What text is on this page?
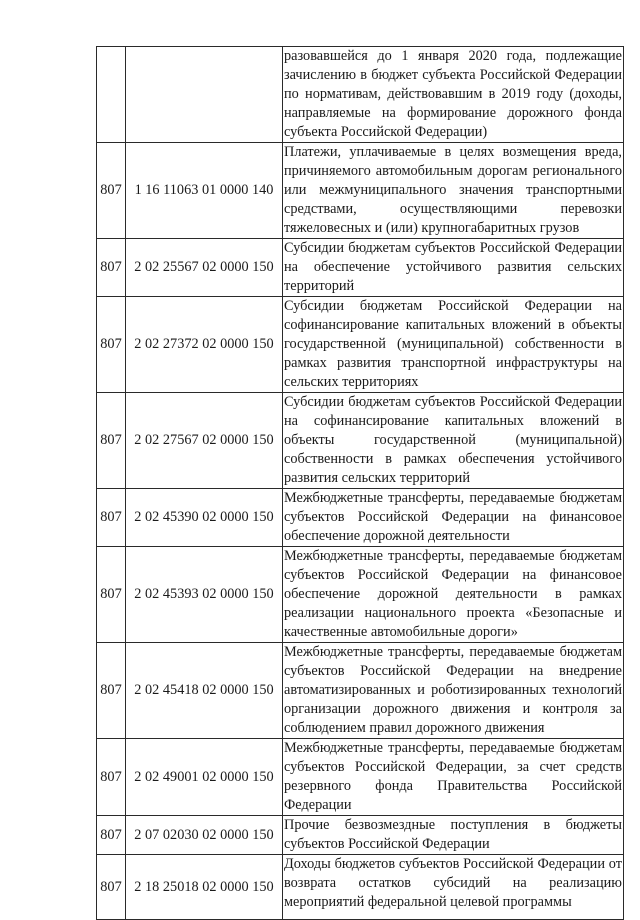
		разовавшейся до 1 января 2020 года, подлежащие зачислению в бюджет субъекта Российской Федерации по нормативам, действовавшим в 2019 году (доходы, направляемые на формирование дорожного фонда субъекта Российской Федерации)
807	1 16 11063 01 0000 140	Платежи, уплачиваемые в целях возмещения вреда, причиняемого автомобильным дорогам регионального или межмуниципального значения транспортными средствами, осуществляющими перевозки тяжеловесных и (или) крупногабаритных грузов
807	2 02 25567 02 0000 150	Субсидии бюджетам субъектов Российской Федерации на обеспечение устойчивого развития сельских территорий
807	2 02 27372 02 0000 150	Субсидии бюджетам Российской Федерации на софинансирование капитальных вложений в объекты государственной (муниципальной) собственности в рамках развития транспортной инфраструктуры на сельских территориях
807	2 02 27567 02 0000 150	Субсидии бюджетам субъектов Российской Федерации на софинансирование капитальных вложений в объекты государственной (муниципальной) собственности в рамках обеспечения устойчивого развития сельских территорий
807	2 02 45390 02 0000 150	Межбюджетные трансферты, передаваемые бюджетам субъектов Российской Федерации на финансовое обеспечение дорожной деятельности
807	2 02 45393 02 0000 150	Межбюджетные трансферты, передаваемые бюджетам субъектов Российской Федерации на финансовое обеспечение дорожной деятельности в рамках реализации национального проекта «Безопасные и качественные автомобильные дороги»
807	2 02 45418 02 0000 150	Межбюджетные трансферты, передаваемые бюджетам субъектов Российской Федерации на внедрение автоматизированных и роботизированных технологий организации дорожного движения и контроля за соблюдением правил дорожного движения
807	2 02 49001 02 0000 150	Межбюджетные трансферты, передаваемые бюджетам субъектов Российской Федерации, за счет средств резервного фонда Правительства Российской Федерации
807	2 07 02030 02 0000 150	Прочие безвозмездные поступления в бюджеты субъектов Российской Федерации
807	2 18 25018 02 0000 150	Доходы бюджетов субъектов Российской Федерации от возврата остатков субсидий на реализацию мероприятий федеральной целевой программы
